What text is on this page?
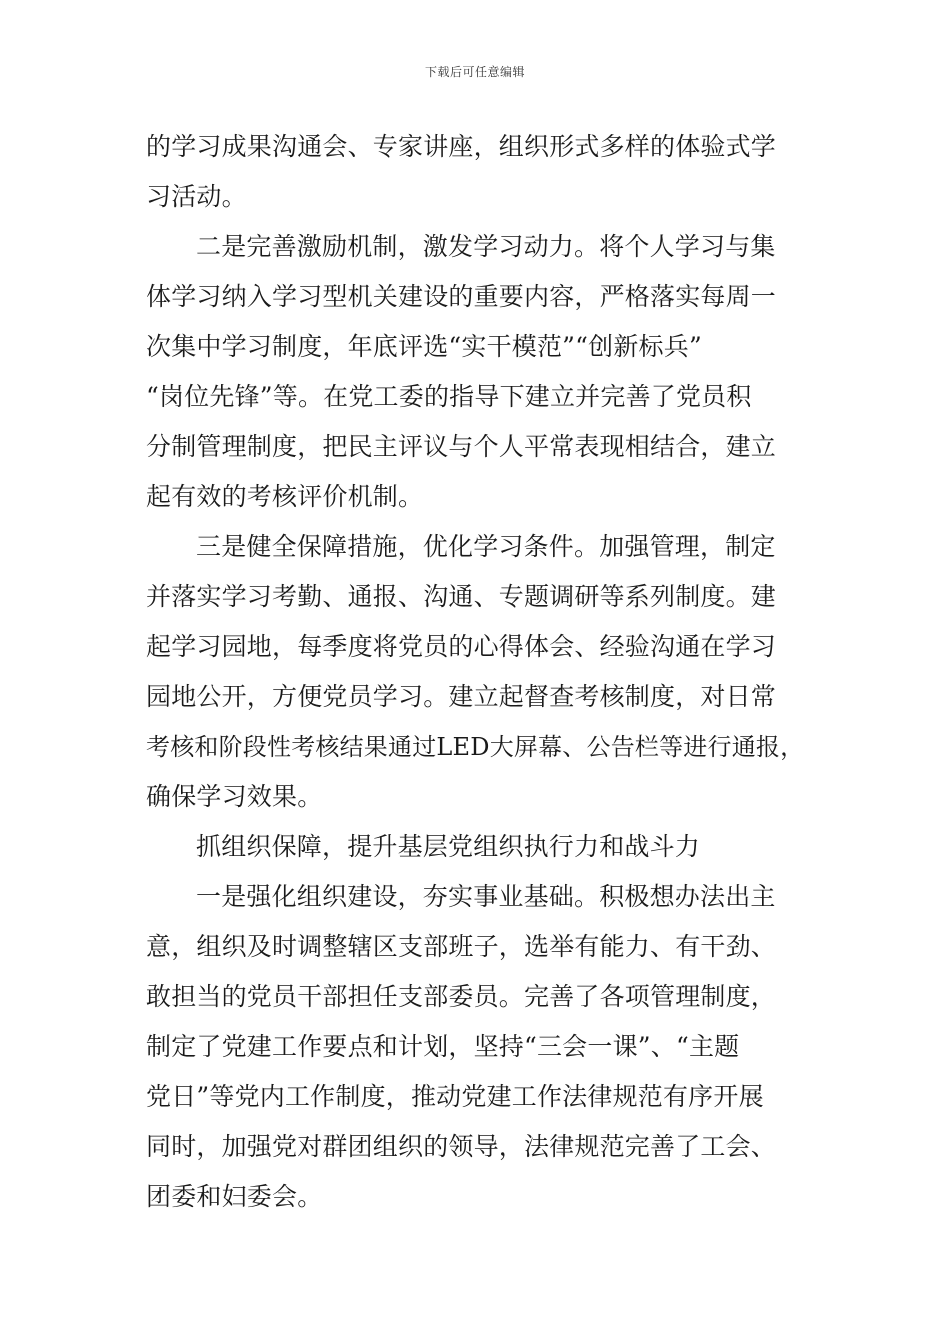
下载后可任意编辑
的学习成果沟通会、专家讲座，组织形式多样的体验式学
习活动。
二是完善激励机制，激发学习动力。将个人学习与集
体学习纳入学习型机关建设的重要内容，严格落实每周一
次集中学习制度，年底评选“实干模范”“创新标兵”
“岗位先锋”等。在党工委的指导下建立并完善了党员积
分制管理制度，把民主评议与个人平常表现相结合，建立
起有效的考核评价机制。
三是健全保障措施，优化学习条件。加强管理，制定
并落实学习考勤、通报、沟通、专题调研等系列制度。建
起学习园地，每季度将党员的心得体会、经验沟通在学习
园地公开，方便党员学习。建立起督查考核制度，对日常
考核和阶段性考核结果通过LED大屏幕、公告栏等进行通报，
确保学习效果。
抓组织保障，提升基层党组织执行力和战斗力
一是强化组织建设，夯实事业基础。积极想办法出主
意，组织及时调整辖区支部班子，选举有能力、有干劲、
敢担当的党员干部担任支部委员。完善了各项管理制度，
制定了党建工作要点和计划，坚持“三会一课”、“主题
党日”等党内工作制度，推动党建工作法律规范有序开展
同时，加强党对群团组织的领导，法律规范完善了工会、
团委和妇委会。
